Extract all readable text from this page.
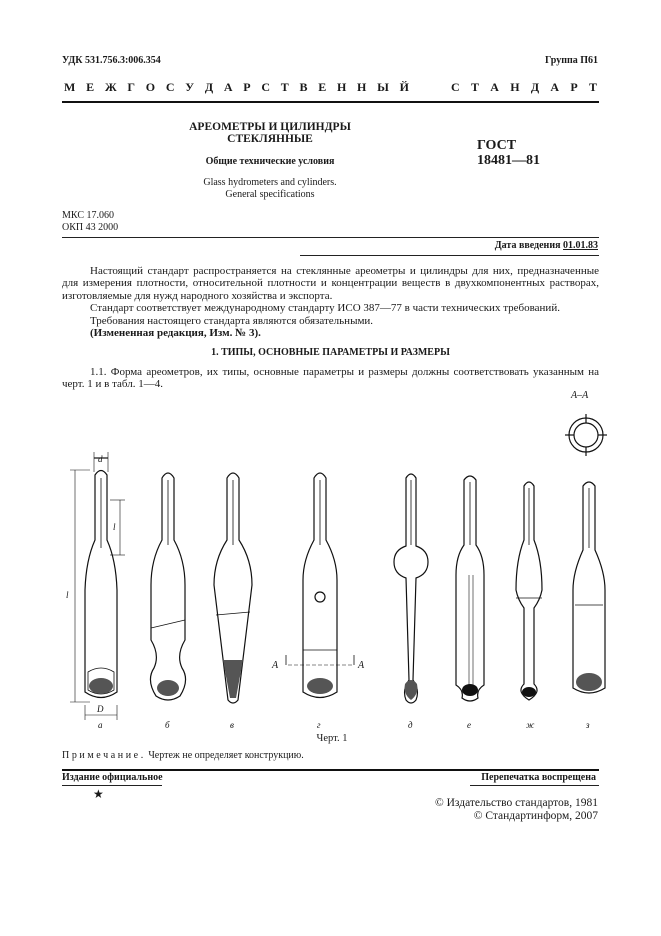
УДК 531.756.3:006.354	Группа П61
М Е Ж Г О С У Д А Р С Т В Е Н Н Ы Й	С Т А Н Д А Р Т
АРЕОМЕТРЫ И ЦИЛИНДРЫ
СТЕКЛЯННЫЕ
Общие технические условия
Glass hydrometers and cylinders.
General specifications
ГОСТ
18481—81
МКС 17.060
ОКП 43 2000
Дата введения 01.01.83
Настоящий стандарт распространяется на стеклянные ареометры и цилиндры для них, предназначенные для измерения плотности, относительной плотности и концентрации веществ в двухкомпонентных растворах, изготовляемые для нужд народного хозяйства и экспорта.
Стандарт соответствует международному стандарту ИСО 387—77 в части технических требований.
Требования настоящего стандарта являются обязательными.
(Измененная редакция, Изм. № 3).
1. ТИПЫ, ОСНОВНЫЕ ПАРАМЕТРЫ И РАЗМЕРЫ
1.1. Форма ареометров, их типы, основные параметры и размеры должны соответствовать указанным на черт. 1 и в табл. 1—4.
d
l
l
D
А–А
А	А
а	б	в	г	д	е	ж	з
Черт. 1
Примечание. Чертеж не определяет конструкцию.
Издание официальное	Перепечатка воспрещена
★
© Издательство стандартов, 1981
© Стандартинформ, 2007
